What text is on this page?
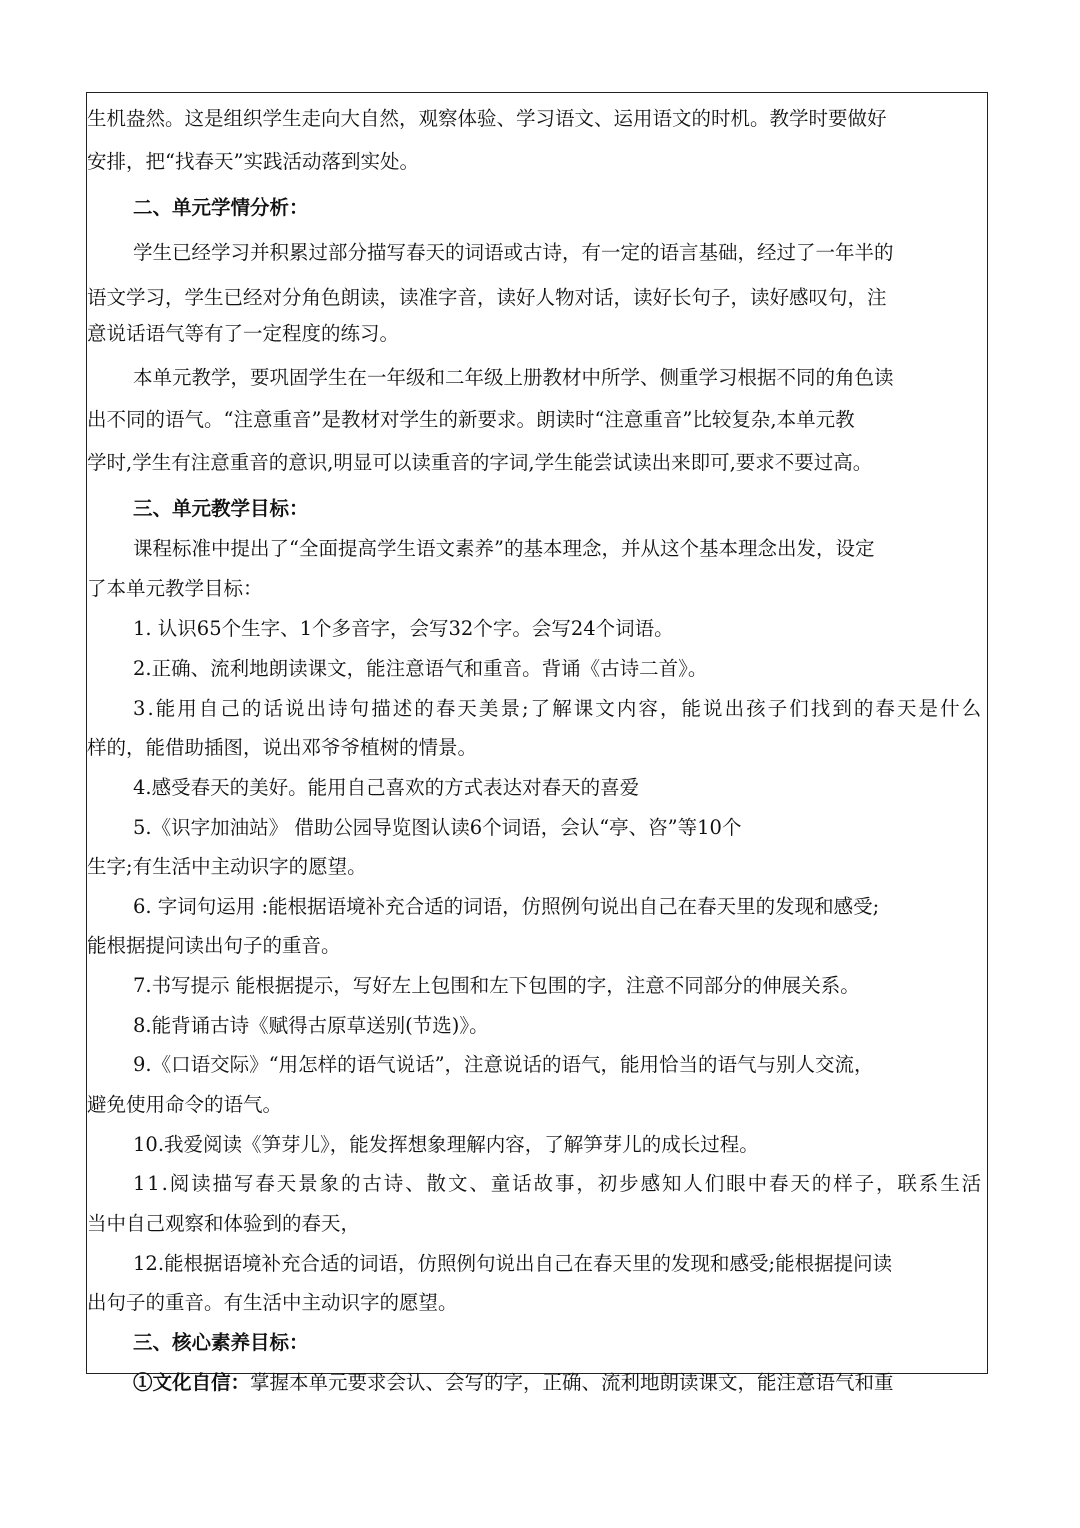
生机盎然。这是组织学生走向大自然，观察体验、学习语文、运用语文的时机。教学时要做好
安排，把“找春天”实践活动落到实处。
二、单元学情分析：
学生已经学习并积累过部分描写春天的词语或古诗，有一定的语言基础，经过了一年半的
语文学习，学生已经对分角色朗读，读准字音，读好人物对话，读好长句子，读好感叹句，注
意说话语气等有了一定程度的练习。
本单元教学，要巩固学生在一年级和二年级上册教材中所学、侧重学习根据不同的角色读
出不同的语气。“注意重音”是教材对学生的新要求。朗读时“注意重音”比较复杂,本单元教
学时,学生有注意重音的意识,明显可以读重音的字词,学生能尝试读出来即可,要求不要过高。
三、单元教学目标：
课程标准中提出了“全面提高学生语文素养”的基本理念，并从这个基本理念出发，设定
了本单元教学目标：
1. 认识65个生字、1个多音字，会写32个字。会写24个词语。
2.正确、流利地朗读课文，能注意语气和重音。背诵《古诗二首》。
3.能用自己的话说出诗句描述的春天美景;了解课文内容，能说出孩子们找到的春天是什么
样的，能借助插图，说出邓爷爷植树的情景。
4.感受春天的美好。能用自己喜欢的方式表达对春天的喜爱
5.《识字加油站》 借助公园导览图认读6个词语，会认“亭、咨”等10个
生字;有生活中主动识字的愿望。
6. 字词句运用 :能根据语境补充合适的词语，仿照例句说出自己在春天里的发现和感受;
能根据提问读出句子的重音。
7.书写提示 能根据提示，写好左上包围和左下包围的字，注意不同部分的伸展关系。
8.能背诵古诗《赋得古原草送别(节选)》。
9.《口语交际》“用怎样的语气说话”，注意说话的语气，能用恰当的语气与别人交流，
避免使用命令的语气。
10.我爱阅读《笋芽儿》，能发挥想象理解内容，了解笋芽儿的成长过程。
11.阅读描写春天景象的古诗、散文、童话故事，初步感知人们眼中春天的样子，联系生活
当中自己观察和体验到的春天，
12.能根据语境补充合适的词语，仿照例句说出自己在春天里的发现和感受;能根据提问读
出句子的重音。有生活中主动识字的愿望。
三、核心素养目标：
①文化自信：掌握本单元要求会认、会写的字，正确、流利地朗读课文，能注意语气和重
